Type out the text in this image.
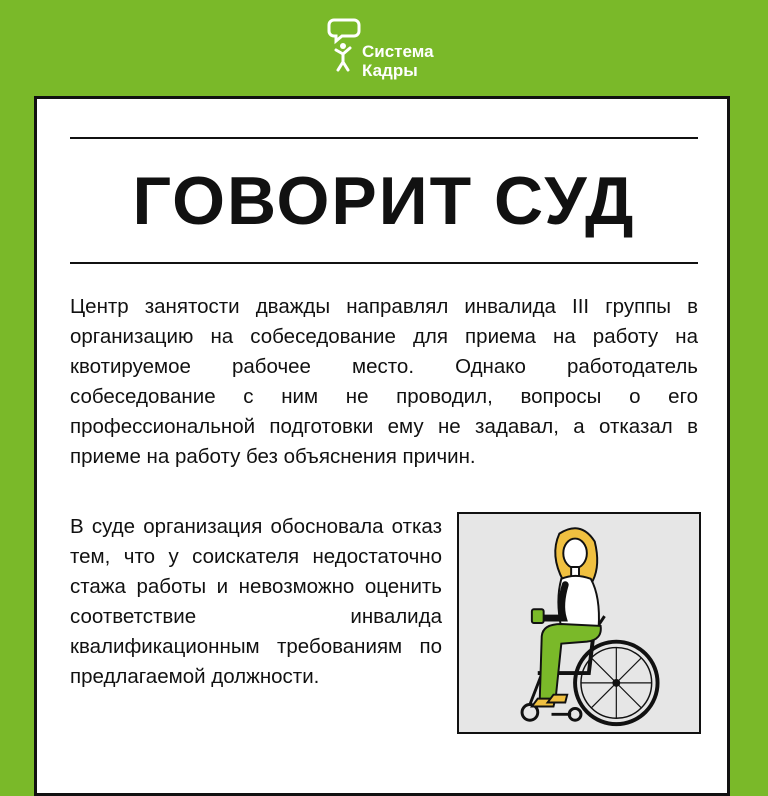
Система
Кадры
ГОВОРИТ СУД
Центр занятости дважды направлял инвалида III группы в организацию на собеседование для приема на работу на квотируемое рабочее место. Однако работодатель собеседование с ним не проводил, вопросы о его профессиональной подготовки ему не задавал, а отказал в приеме на работу без объяснения причин.
В суде организация обосновала отказ тем, что у соискателя недостаточно стажа работы и невозможно оценить соответствие инвалида квалификационным требованиям по предлагаемой должности.
